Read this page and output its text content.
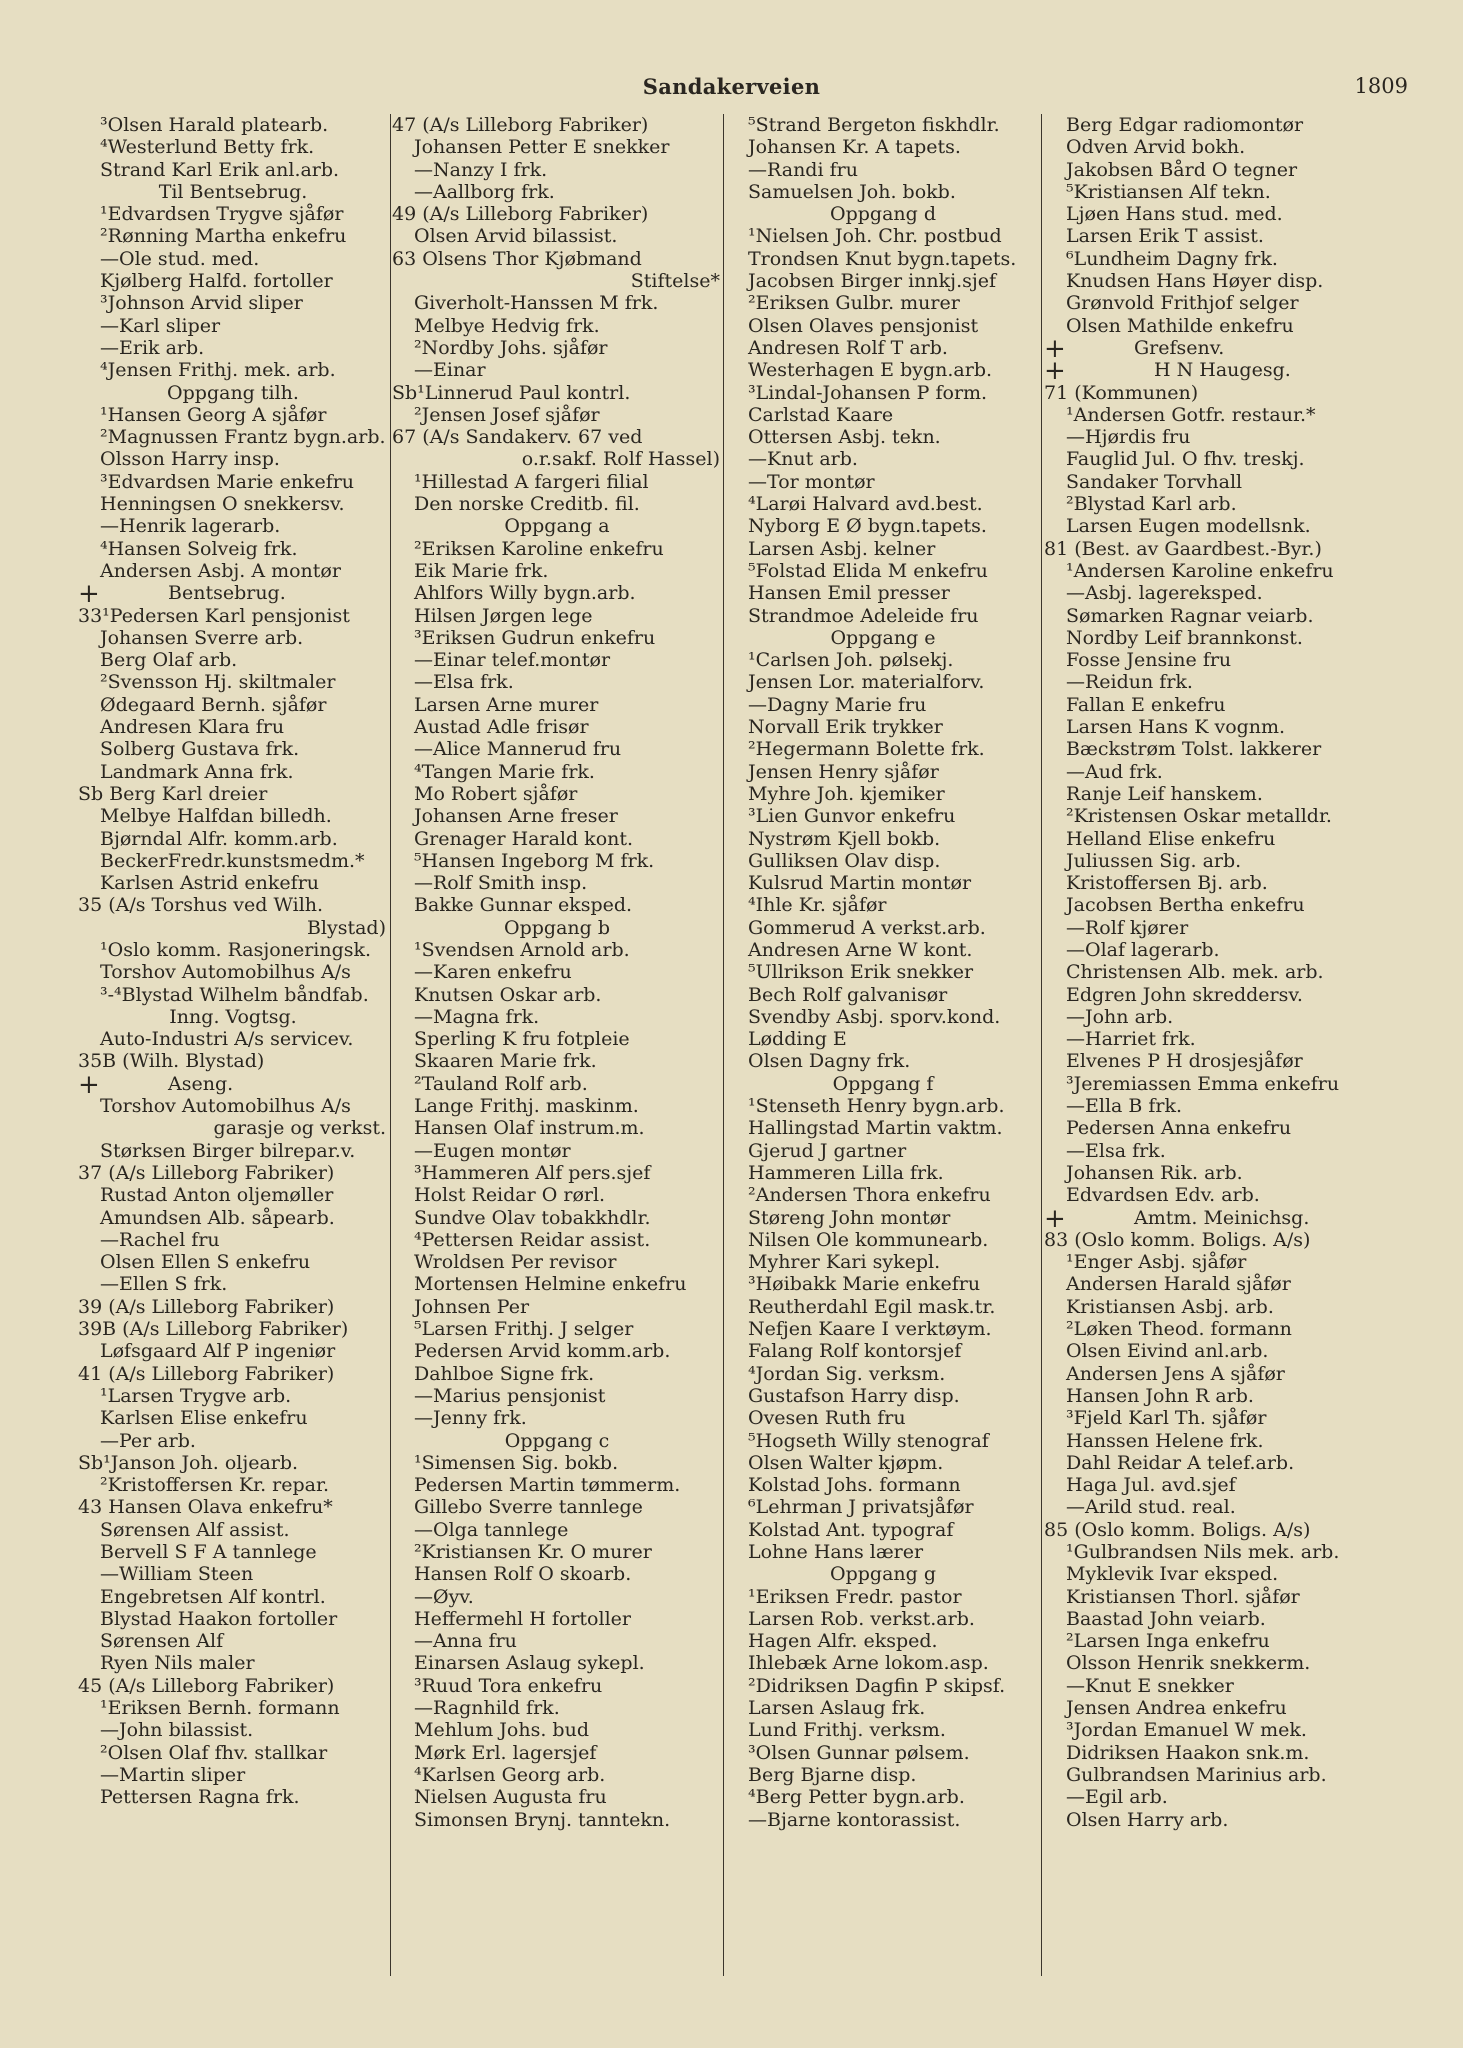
Sandakerveien	1809
³Olsen Harald platearb.
⁴Westerlund Betty frk.
Strand Karl Erik anl.arb.
Til Bentsebrug.
¹Edvardsen Trygve sjåfør
²Rønning Martha enkefru
—Ole stud. med.
Kjølberg Halfd. fortoller
³Johnson Arvid sliper
—Karl sliper
—Erik arb.
⁴Jensen Frithj. mek. arb.
Oppgang tilh.
¹Hansen Georg A sjåfør
²Magnussen Frantz bygn.arb.
Olsson Harry insp.
³Edvardsen Marie enkefru
Henningsen O snekkersv.
—Henrik lagerarb.
⁴Hansen Solveig frk.
Andersen Asbj. A montør
+	Bentsebrug.
33¹Pedersen Karl pensjonist
Johansen Sverre arb.
Berg Olaf arb.
²Svensson Hj. skiltmaler
Ødegaard Bernh. sjåfør
Andresen Klara fru
Solberg Gustava frk.
Landmark Anna frk.
Sb Berg Karl dreier
Melbye Halfdan billedh.
Bjørndal Alfr. komm.arb.
BeckerFredr.kunstsmedm.*
Karlsen Astrid enkefru
35 (A/s Torshus ved Wilh.
Blystad)
¹Oslo komm. Rasjoneringsk.
Torshov Automobilhus A/s
³-⁴Blystad Wilhelm båndfab.
Inng. Vogtsg.
Auto-Industri A/s servicev.
35B (Wilh. Blystad)
+	Aseng.
Torshov Automobilhus A/s
garasje og verkst.
Størksen Birger bilrepar.v.
37 (A/s Lilleborg Fabriker)
Rustad Anton oljemøller
Amundsen Alb. såpearb.
—Rachel fru
Olsen Ellen S enkefru
—Ellen S frk.
39 (A/s Lilleborg Fabriker)
39B (A/s Lilleborg Fabriker)
Løfsgaard Alf P ingeniør
41 (A/s Lilleborg Fabriker)
¹Larsen Trygve arb.
Karlsen Elise enkefru
—Per arb.
Sb¹Janson Joh. oljearb.
²Kristoffersen Kr. repar.
43 Hansen Olava enkefru*
Sørensen Alf assist.
Bervell S F A tannlege
—William Steen
Engebretsen Alf kontrl.
Blystad Haakon fortoller
Sørensen Alf
Ryen Nils maler
45 (A/s Lilleborg Fabriker)
¹Eriksen Bernh. formann
—John bilassist.
²Olsen Olaf fhv. stallkar
—Martin sliper
Pettersen Ragna frk.
47 (A/s Lilleborg Fabriker)
Johansen Petter E snekker
—Nanzy I frk.
—Aallborg frk.
49 (A/s Lilleborg Fabriker)
Olsen Arvid bilassist.
63 Olsens Thor Kjøbmand
Stiftelse*
Giverholt-Hanssen M frk.
Melbye Hedvig frk.
²Nordby Johs. sjåfør
—Einar
Sb¹Linnerud Paul kontrl.
²Jensen Josef sjåfør
67 (A/s Sandakerv. 67 ved
o.r.sakf. Rolf Hassel)
¹Hillestad A fargeri filial
Den norske Creditb. fil.
Oppgang a
²Eriksen Karoline enkefru
Eik Marie frk.
Ahlfors Willy bygn.arb.
Hilsen Jørgen lege
³Eriksen Gudrun enkefru
—Einar telef.montør
—Elsa frk.
Larsen Arne murer
Austad Adle frisør
—Alice Mannerud fru
⁴Tangen Marie frk.
Mo Robert sjåfør
Johansen Arne freser
Grenager Harald kont.
⁵Hansen Ingeborg M frk.
—Rolf Smith insp.
Bakke Gunnar eksped.
Oppgang b
¹Svendsen Arnold arb.
—Karen enkefru
Knutsen Oskar arb.
—Magna frk.
Sperling K fru fotpleie
Skaaren Marie frk.
²Tauland Rolf arb.
Lange Frithj. maskinm.
Hansen Olaf instrum.m.
—Eugen montør
³Hammeren Alf pers.sjef
Holst Reidar O rørl.
Sundve Olav tobakkhdlr.
⁴Pettersen Reidar assist.
Wroldsen Per revisor
Mortensen Helmine enkefru
Johnsen Per
⁵Larsen Frithj. J selger
Pedersen Arvid komm.arb.
Dahlboe Signe frk.
—Marius pensjonist
—Jenny frk.
Oppgang c
¹Simensen Sig. bokb.
Pedersen Martin tømmerm.
Gillebo Sverre tannlege
—Olga tannlege
²Kristiansen Kr. O murer
Hansen Rolf O skoarb.
—Øyv.
Heffermehl H fortoller
—Anna fru
Einarsen Aslaug sykepl.
³Ruud Tora enkefru
—Ragnhild frk.
Mehlum Johs. bud
Mørk Erl. lagersjef
⁴Karlsen Georg arb.
Nielsen Augusta fru
Simonsen Brynj. tanntekn.
⁵Strand Bergeton fiskhdlr.
Johansen Kr. A tapets.
—Randi fru
Samuelsen Joh. bokb.
Oppgang d
¹Nielsen Joh. Chr. postbud
Trondsen Knut bygn.tapets.
Jacobsen Birger innkj.sjef
²Eriksen Gulbr. murer
Olsen Olaves pensjonist
Andresen Rolf T arb.
Westerhagen E bygn.arb.
³Lindal-Johansen P form.
Carlstad Kaare
Ottersen Asbj. tekn.
—Knut arb.
—Tor montør
⁴Larøi Halvard avd.best.
Nyborg E Ø bygn.tapets.
Larsen Asbj. kelner
⁵Folstad Elida M enkefru
Hansen Emil presser
Strandmoe Adeleide fru
Oppgang e
¹Carlsen Joh. pølsekj.
Jensen Lor. materialforv.
—Dagny Marie fru
Norvall Erik trykker
²Hegermann Bolette frk.
Jensen Henry sjåfør
Myhre Joh. kjemiker
³Lien Gunvor enkefru
Nystrøm Kjell bokb.
Gulliksen Olav disp.
Kulsrud Martin montør
⁴Ihle Kr. sjåfør
Gommerud A verkst.arb.
Andresen Arne W kont.
⁵Ullrikson Erik snekker
Bech Rolf galvanisør
Svendby Asbj. sporv.kond.
Lødding E
Olsen Dagny frk.
Oppgang f
¹Stenseth Henry bygn.arb.
Hallingstad Martin vaktm.
Gjerud J gartner
Hammeren Lilla frk.
²Andersen Thora enkefru
Støreng John montør
Nilsen Ole kommunearb.
Myhrer Kari sykepl.
³Høibakk Marie enkefru
Reutherdahl Egil mask.tr.
Nefjen Kaare I verktøym.
Falang Rolf kontorsjef
⁴Jordan Sig. verksm.
Gustafson Harry disp.
Ovesen Ruth fru
⁵Hogseth Willy stenograf
Olsen Walter kjøpm.
Kolstad Johs. formann
⁶Lehrman J privatsjåfør
Kolstad Ant. typograf
Lohne Hans lærer
Oppgang g
¹Eriksen Fredr. pastor
Larsen Rob. verkst.arb.
Hagen Alfr. eksped.
Ihlebæk Arne lokom.asp.
²Didriksen Dagfin P skipsf.
Larsen Aslaug frk.
Lund Frithj. verksm.
³Olsen Gunnar pølsem.
Berg Bjarne disp.
⁴Berg Petter bygn.arb.
—Bjarne kontorassist.
Berg Edgar radiomontør
Odven Arvid bokh.
Jakobsen Bård O tegner
⁵Kristiansen Alf tekn.
Ljøen Hans stud. med.
Larsen Erik T assist.
⁶Lundheim Dagny frk.
Knudsen Hans Høyer disp.
Grønvold Frithjof selger
Olsen Mathilde enkefru
+	Grefsenv.
+	H N Haugesg.
71 (Kommunen)
¹Andersen Gotfr. restaur.*
—Hjørdis fru
Fauglid Jul. O fhv. treskj.
Sandaker Torvhall
²Blystad Karl arb.
Larsen Eugen modellsnk.
81 (Best. av Gaardbest.-Byr.)
¹Andersen Karoline enkefru
—Asbj. lagereksped.
Sømarken Ragnar veiarb.
Nordby Leif brannkonst.
Fosse Jensine fru
—Reidun frk.
Fallan E enkefru
Larsen Hans K vognm.
Bæckstrøm Tolst. lakkerer
—Aud frk.
Ranje Leif hanskem.
²Kristensen Oskar metalldr.
Helland Elise enkefru
Juliussen Sig. arb.
Kristoffersen Bj. arb.
Jacobsen Bertha enkefru
—Rolf kjører
—Olaf lagerarb.
Christensen Alb. mek. arb.
Edgren John skreddersv.
—John arb.
—Harriet frk.
Elvenes P H drosjesjåfør
³Jeremiassen Emma enkefru
—Ella B frk.
Pedersen Anna enkefru
—Elsa frk.
Johansen Rik. arb.
Edvardsen Edv. arb.
+	Amtm. Meinichsg.
83 (Oslo komm. Boligs. A/s)
¹Enger Asbj. sjåfør
Andersen Harald sjåfør
Kristiansen Asbj. arb.
²Løken Theod. formann
Olsen Eivind anl.arb.
Andersen Jens A sjåfør
Hansen John R arb.
³Fjeld Karl Th. sjåfør
Hanssen Helene frk.
Dahl Reidar A telef.arb.
Haga Jul. avd.sjef
—Arild stud. real.
85 (Oslo komm. Boligs. A/s)
¹Gulbrandsen Nils mek. arb.
Myklevik Ivar eksped.
Kristiansen Thorl. sjåfør
Baastad John veiarb.
²Larsen Inga enkefru
Olsson Henrik snekkerm.
—Knut E snekker
Jensen Andrea enkefru
³Jordan Emanuel W mek.
Didriksen Haakon snk.m.
Gulbrandsen Marinius arb.
—Egil arb.
Olsen Harry arb.
